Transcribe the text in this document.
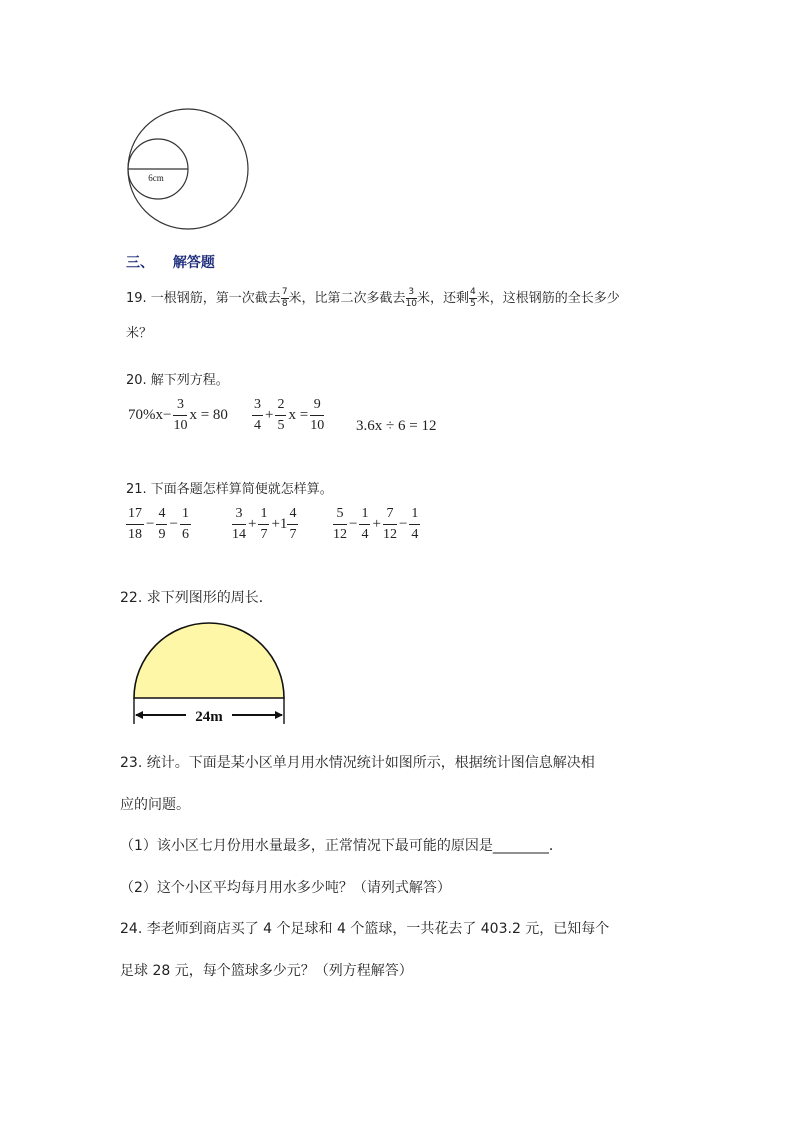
6cm
三、 解答题
19. 一根钢筋，第一次截去 $\frac{7}{8}$ 米，比第二次多截去 $\frac{3}{10}$ 米，还剩 $\frac{4}{5}$ 米，这根钢筋的全长多少
米？
20. 解下列方程。
$70\%x- \frac{3}{10}$ $x = 80 \frac{3}{4} + \frac{2}{5}$ $x = \frac{9}{10} 3.6x \div 6 = 12$
21. 下面各题怎样算简便就怎样算。
$\frac{17}{18} - \frac{4}{9} - \frac{1}{6}$	$\frac{3}{14} + \frac{1}{7} +1 \frac{4}{7} \frac{5}{12} - \frac{1}{4} + \frac{7}{12} - \frac{1}{4}$
22. 求下列图形的周长．
24m
23. 统计。下面是某小区单月用水情况统计如图所示，根据统计图信息解决相
应的问题。
（1）该小区七月份用水量最多，正常情况下最可能的原因是________．
（2）这个小区平均每月用水多少吨？（请列式解答）
24. 李老师到商店买了 4 个足球和 4 个篮球，一共花去了 403.2 元，已知每个
足球 28 元，每个篮球多少元？（列方程解答）
